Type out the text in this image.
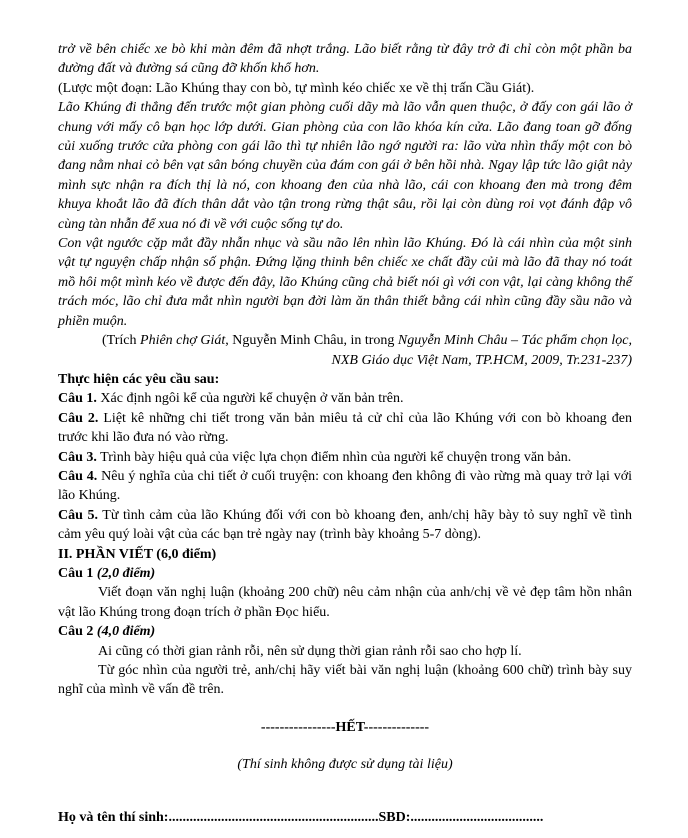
trở về bên chiếc xe bò khi màn đêm đã nhợt trắng. Lão biết rằng từ đây trở đi chỉ còn một phần ba đường đất và đường sá cũng đỡ khốn khổ hơn.

(Lược một đoạn: Lão Khúng thay con bò, tự mình kéo chiếc xe về thị trấn Cầu Giát).

Lão Khúng đi thẳng đến trước một gian phòng cuối dãy mà lão vẫn quen thuộc, ở đấy con gái lão ở chung với mấy cô bạn học lớp dưới. Gian phòng của con lão khóa kín cửa. Lão đang toan gỡ đống củi xuống trước cửa phòng con gái lão thì tự nhiên lão ngớ người ra: lão vừa nhìn thấy một con bò đang nằm nhai cỏ bên vạt sân bóng chuyền của đám con gái ở bên hồi nhà. Ngay lập tức lão giật nảy mình sực nhận ra đích thị là nó, con khoang đen của nhà lão, cái con khoang đen mà trong đêm khuya khoắt lão đã đích thân dắt vào tận trong rừng thật sâu, rồi lại còn dùng roi vọt đánh đập vô cùng tàn nhẫn để xua nó đi về với cuộc sống tự do.

Con vật ngước cặp mắt đầy nhẫn nhục và sầu não lên nhìn lão Khúng. Đó là cái nhìn của một sinh vật tự nguyện chấp nhận số phận. Đứng lặng thinh bên chiếc xe chất đầy củi mà lão đã thay nó toát mồ hôi một mình kéo về được đến đây, lão Khúng cũng chả biết nói gì với con vật, lại càng không thể trách móc, lão chỉ đưa mắt nhìn người bạn đời làm ăn thân thiết bằng cái nhìn cũng đầy sầu não và phiền muộn.

(Trích Phiên chợ Giát, Nguyễn Minh Châu, in trong Nguyễn Minh Châu – Tác phẩm chọn lọc, NXB Giáo dục Việt Nam, TP.HCM, 2009, Tr.231-237)

Thực hiện các yêu cầu sau:

Câu 1. Xác định ngôi kể của người kể chuyện ở văn bản trên.

Câu 2. Liệt kê những chi tiết trong văn bản miêu tả cử chỉ của lão Khúng với con bò khoang đen trước khi lão đưa nó vào rừng.

Câu 3. Trình bày hiệu quả của việc lựa chọn điểm nhìn của người kể chuyện trong văn bản.

Câu 4. Nêu ý nghĩa của chi tiết ở cuối truyện: con khoang đen không đi vào rừng mà quay trở lại với lão Khúng.

Câu 5. Từ tình cảm của lão Khúng đối với con bò khoang đen, anh/chị hãy bày tỏ suy nghĩ về tình cảm yêu quý loài vật của các bạn trẻ ngày nay (trình bày khoảng 5-7 dòng).

II. PHẦN VIẾT (6,0 điểm)

Câu 1 (2,0 điểm)

Viết đoạn văn nghị luận (khoảng 200 chữ) nêu cảm nhận của anh/chị về vẻ đẹp tâm hồn nhân vật lão Khúng trong đoạn trích ở phần Đọc hiểu.

Câu 2 (4,0 điểm)

Ai cũng có thời gian rảnh rỗi, nên sử dụng thời gian rảnh rỗi sao cho hợp lí.

Từ góc nhìn của người trẻ, anh/chị hãy viết bài văn nghị luận (khoảng 600 chữ) trình bày suy nghĩ của mình về vấn đề trên.

----------------HẾT--------------

(Thí sinh không được sử dụng tài liệu)

Họ và tên thí sinh:............................................................SBD:......................................
